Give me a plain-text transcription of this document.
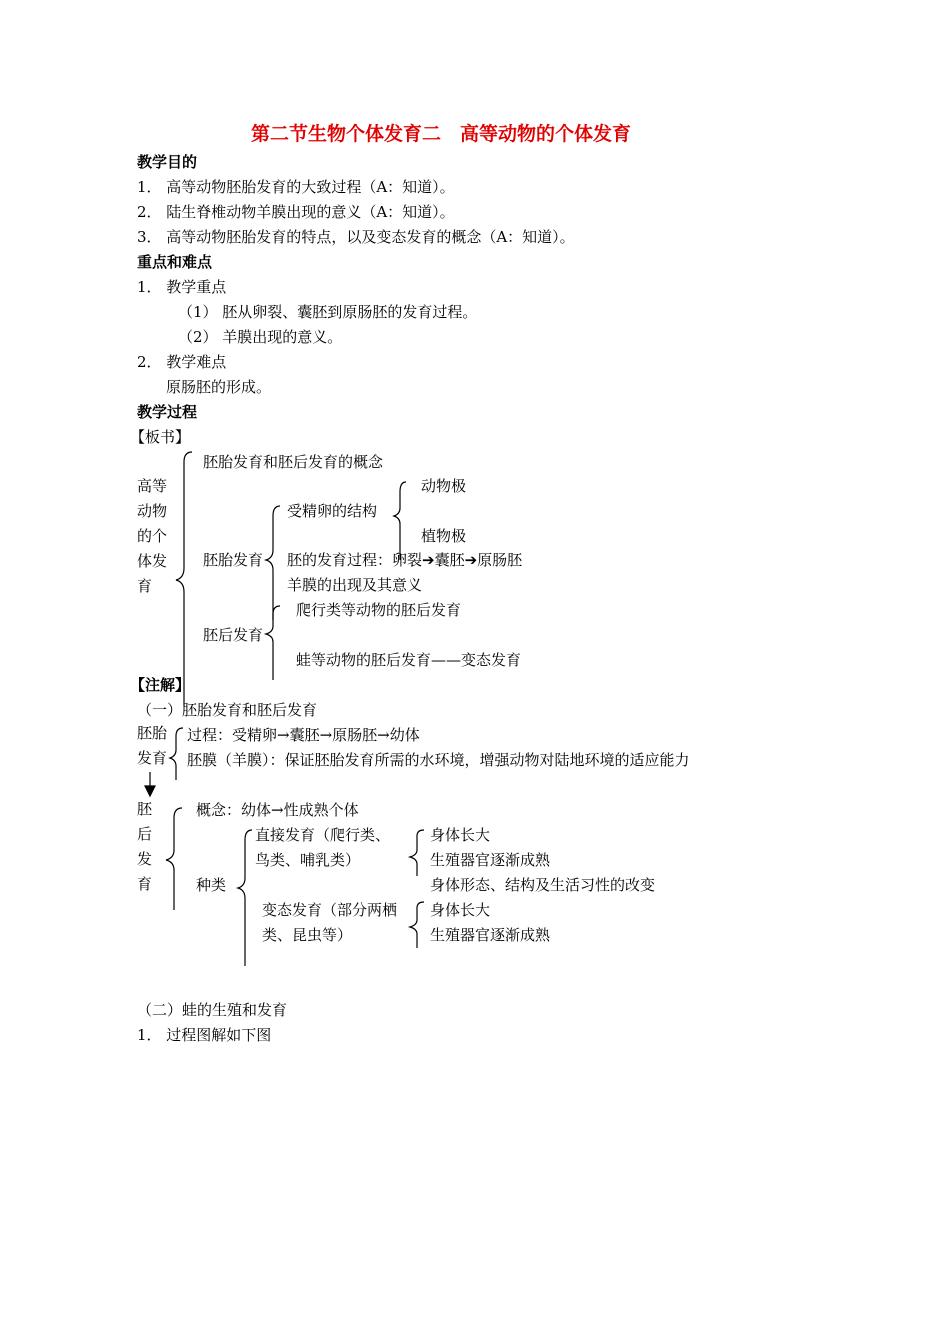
第二节生物个体发育二　高等动物的个体发育
教学目的
1． 高等动物胚胎发育的大致过程（A：知道）。
2． 陆生脊椎动物羊膜出现的意义（A：知道）。
3． 高等动物胚胎发育的特点，以及变态发育的概念（A：知道）。
重点和难点
1． 教学重点
（1） 胚从卵裂、囊胚到原肠胚的发育过程。
（2） 羊膜出现的意义。
2． 教学难点
原肠胚的形成。
教学过程
【板书】
高等动物的个体发育
胚胎发育和胚后发育的概念
胚胎发育
受精卵的结构
动物极
植物极
胚的发育过程：卵裂➔囊胚➔原肠胚
羊膜的出现及其意义
爬行类等动物的胚后发育
胚后发育
蛙等动物的胚后发育——变态发育
【注解】
（一）胚胎发育和胚后发育
胚胎发育
过程：受精卵→囊胚→原肠胚→幼体
胚膜（羊膜）：保证胚胎发育所需的水环境，增强动物对陆地环境的适应能力
胚后发育
概念：幼体→性成熟个体
种类
直接发育（爬行类、
鸟类、哺乳类）
身体长大
生殖器官逐渐成熟
身体形态、结构及生活习性的改变
变态发育（部分两栖
类、昆虫等）
身体长大
生殖器官逐渐成熟
（二）蛙的生殖和发育
1． 过程图解如下图
